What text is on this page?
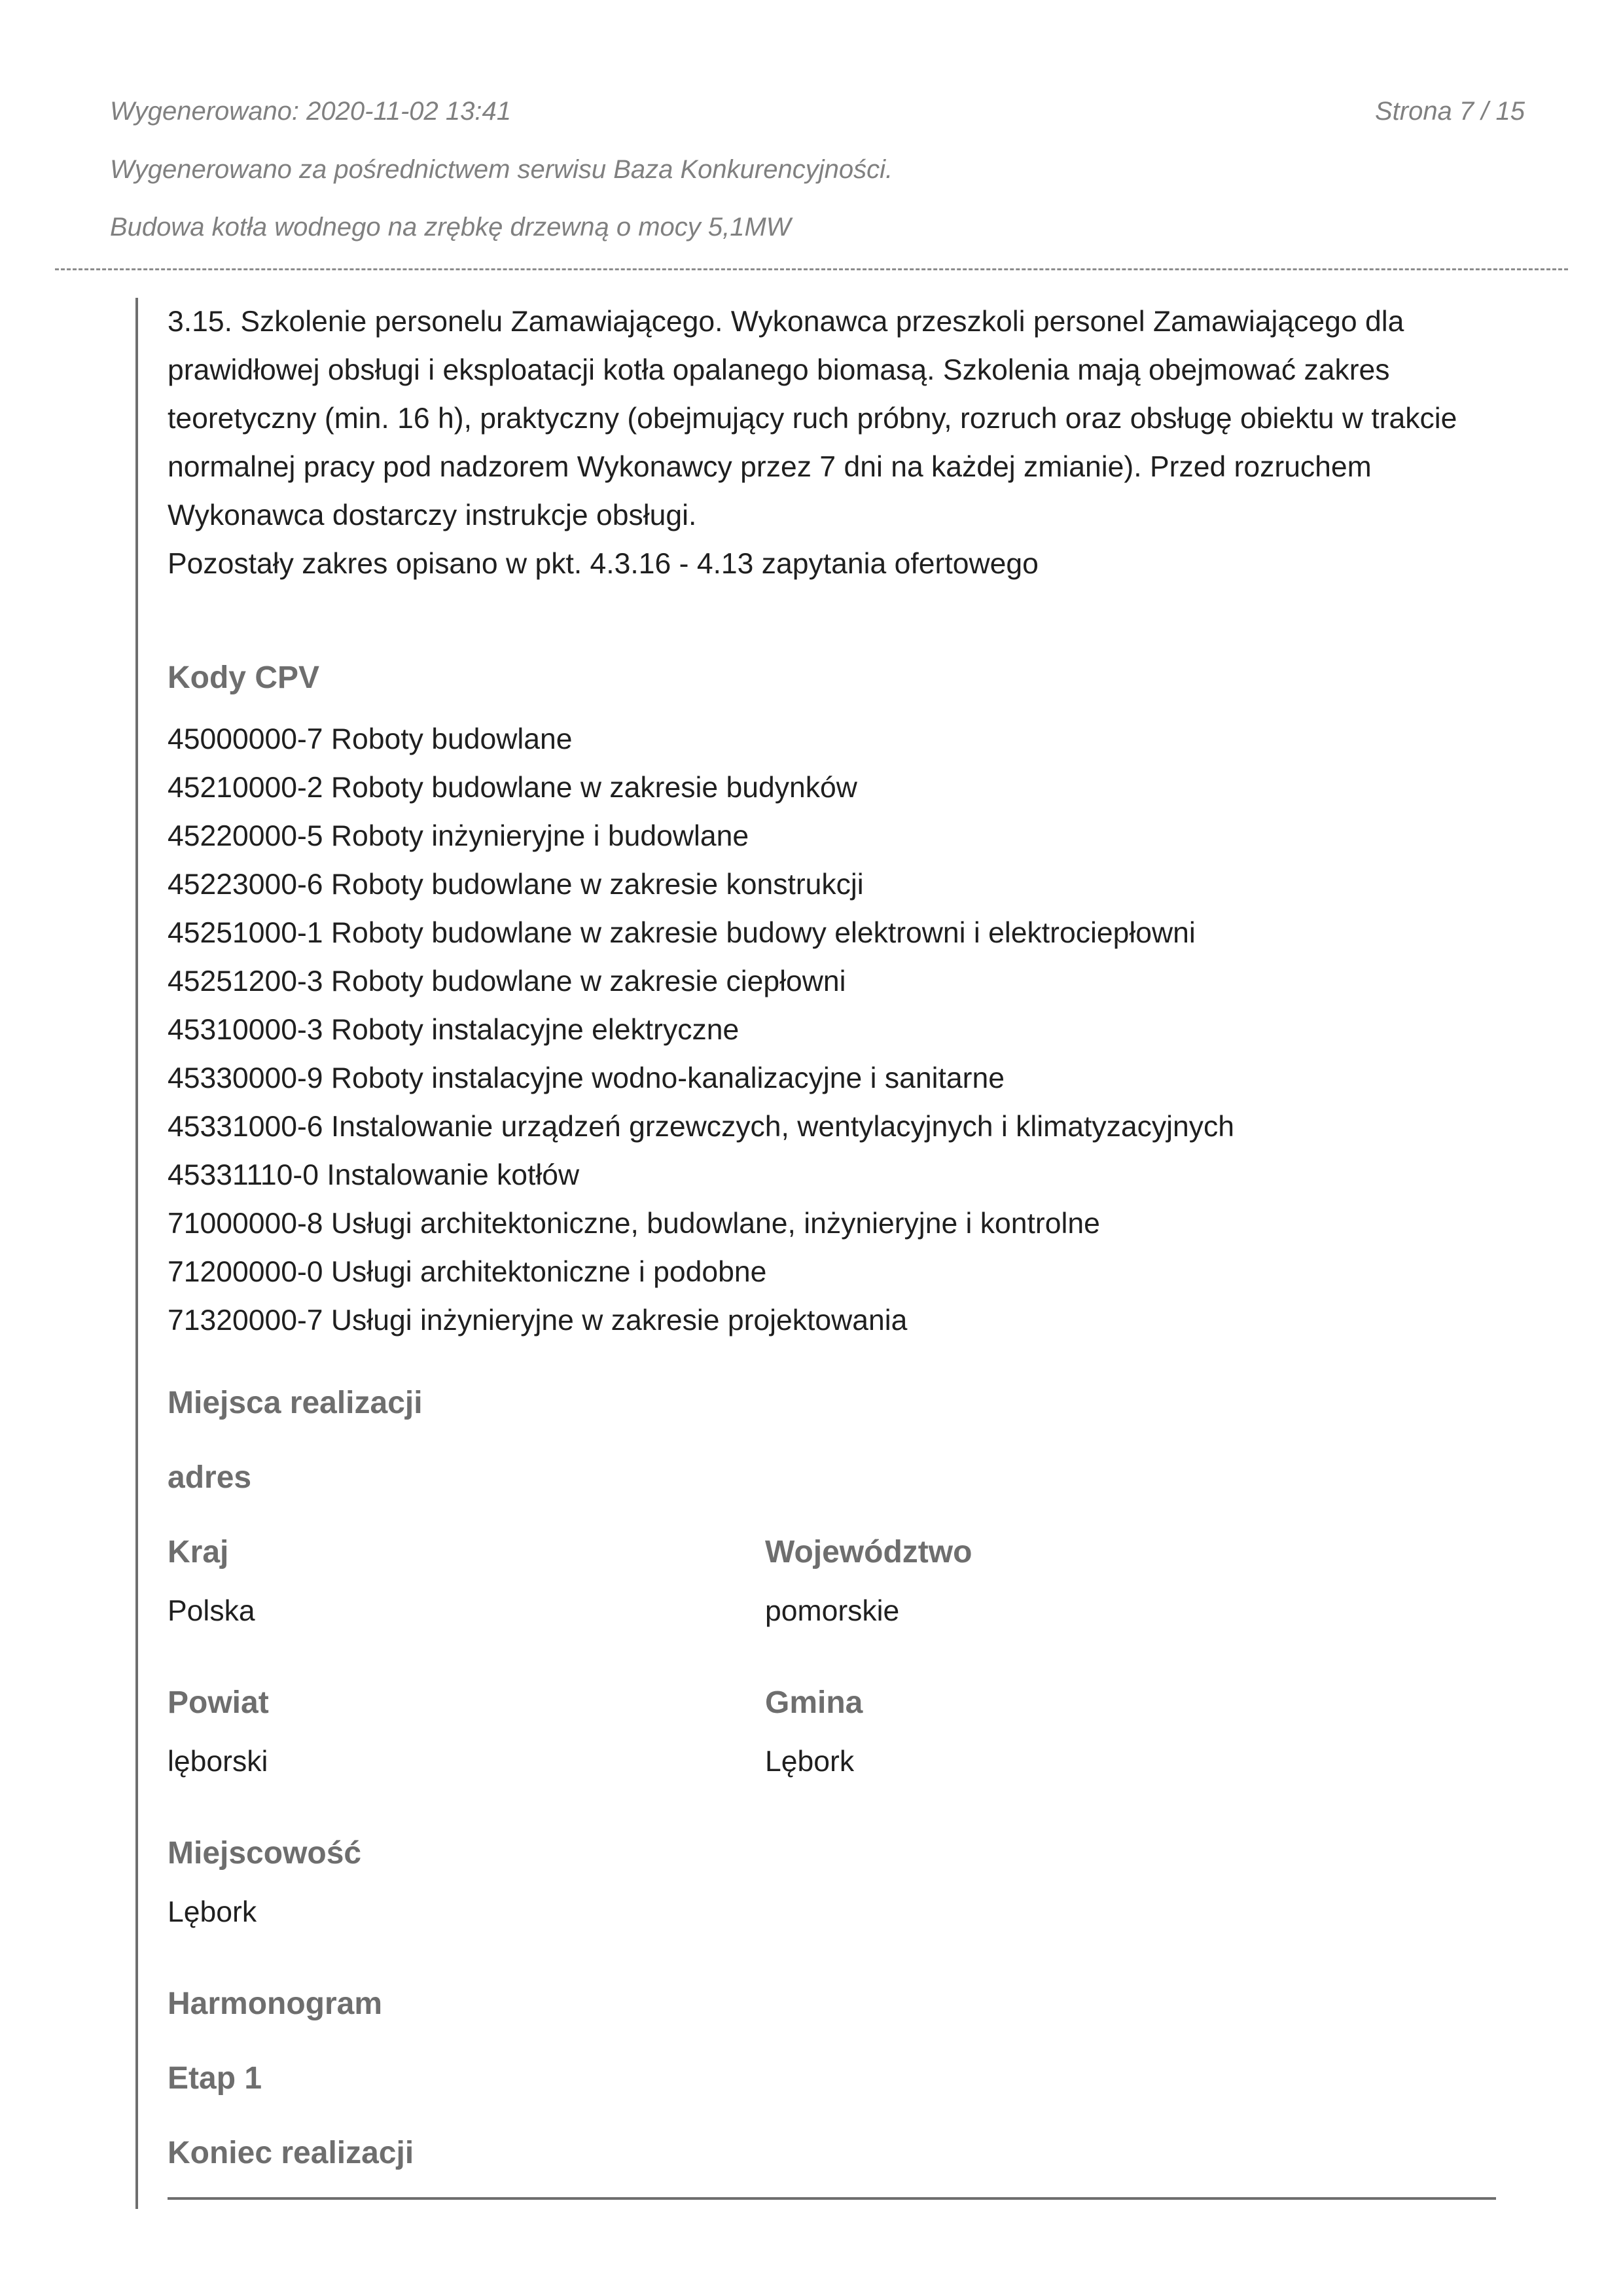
Wygenerowano: 2020-11-02 13:41	Strona 7 / 15
Wygenerowano za pośrednictwem serwisu Baza Konkurencyjności.
Budowa kotła wodnego na zrębkę drzewną o mocy 5,1MW

3.15. Szkolenie personelu Zamawiającego. Wykonawca przeszkoli personel Zamawiającego dla

prawidłowej obsługi i eksploatacji kotła opalanego biomasą. Szkolenia mają obejmować zakres

teoretyczny (min. 16 h), praktyczny (obejmujący ruch próbny, rozruch oraz obsługę obiektu w trakcie

normalnej pracy pod nadzorem Wykonawcy przez 7 dni na każdej zmianie). Przed rozruchem

Wykonawca dostarczy instrukcje obsługi.

Pozostały zakres opisano w pkt. 4.3.16 - 4.13 zapytania ofertowego

Kody CPV
45000000-7 Roboty budowlane
45210000-2 Roboty budowlane w zakresie budynków
45220000-5 Roboty inżynieryjne i budowlane
45223000-6 Roboty budowlane w zakresie konstrukcji
45251000-1 Roboty budowlane w zakresie budowy elektrowni i elektrociepłowni
45251200-3 Roboty budowlane w zakresie ciepłowni
45310000-3 Roboty instalacyjne elektryczne
45330000-9 Roboty instalacyjne wodno-kanalizacyjne i sanitarne
45331000-6 Instalowanie urządzeń grzewczych, wentylacyjnych i klimatyzacyjnych
45331110-0 Instalowanie kotłów
71000000-8 Usługi architektoniczne, budowlane, inżynieryjne i kontrolne
71200000-0 Usługi architektoniczne i podobne
71320000-7 Usługi inżynieryjne w zakresie projektowania
Miejsca realizacji
adres
Kraj
Polska
Województwo
pomorskie
Powiat
lęborski
Gmina
Lębork
Miejscowość
Lębork
Harmonogram
Etap 1
Koniec realizacji
